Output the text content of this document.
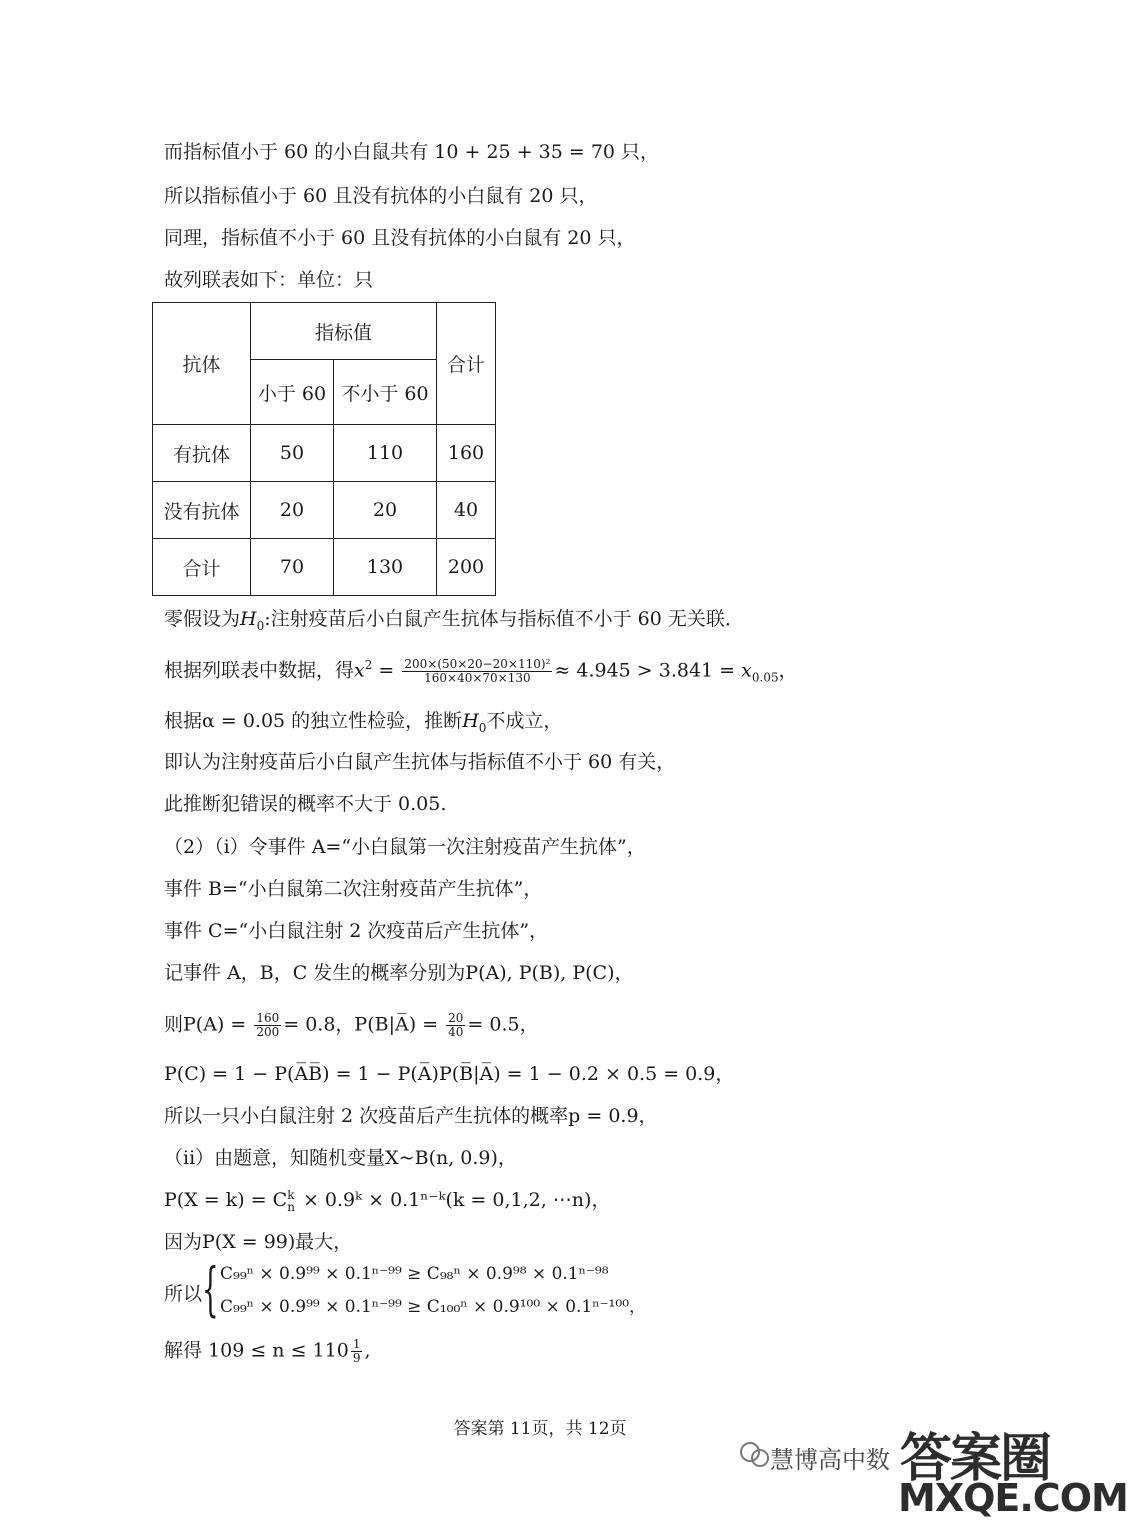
而指标值小于 60 的小白鼠共有 10 + 25 + 35 = 70 只，
所以指标值小于 60 且没有抗体的小白鼠有 20 只，
同理，指标值不小于 60 且没有抗体的小白鼠有 20 只，
故列联表如下：单位：只
抗体	指标值		合计
	小于 60	不小于 60	
有抗体	50	110	160
没有抗体	20	20	40
合计	70	130	200
零假设为$H_0$:注射疫苗后小白鼠产生抗体与指标值不小于 60 无关联．
根据列联表中数据，得$x^2 = \frac{\text{200×(50×20−20×110)²}}{160\times 40\times 70\times 130} \approx 4.945 > 3.841 = x_{0.05}$，
根据α = 0.05 的独立性检验，推断$H_0$不成立，
即认为注射疫苗后小白鼠产生抗体与指标值不小于 60 有关，
此推断犯错误的概率不大于 0.05.
（2）（i）令事件 A=“小白鼠第一次注射疫苗产生抗体”，
事件 B=“小白鼠第二次注射疫苗产生抗体”，
事件 C=“小白鼠注射 2 次疫苗后产生抗体”，
记事件 A，B，C 发生的概率分别为P(A), P(B), P(C)，
则$P(A) = \frac{160}{200} = 0.8$，P(B|A̅) = $\frac{20}{40} = 0.5$，
P(C) = 1 − P(A̅B̅) = 1 − P(A̅)P(B̅|A̅) = 1 − 0.2 × 0.5 = 0.9，
所以一只小白鼠注射 2 次疫苗后产生抗体的概率p = 0.9，
（ii）由题意，知随机变量X~B(n, 0.9)，
P(X = k) = C k
n × 0.9ᵏ × 0.1ⁿ⁻ᵏ(k = 0,1,2, ⋯n)，
因为P(X = 99)最大，
所以 { C₉₉ⁿ × 0.9⁹⁹ × 0.1ⁿ⁻⁹⁹ ≥ C₉₈ⁿ × 0.9⁹⁸ × 0.1ⁿ⁻⁹⁸
C₉₉ⁿ × 0.9⁹⁹ × 0.1ⁿ⁻⁹⁹ ≥ C₁₀₀ⁿ × 0.9¹⁰⁰ × 0.1ⁿ⁻¹⁰⁰，
解得 $109 \le n \le 110 \frac{1}{9}$ ,
答案第 11页，共 12页
慧博高中数 答案圈
MXQE.COM
